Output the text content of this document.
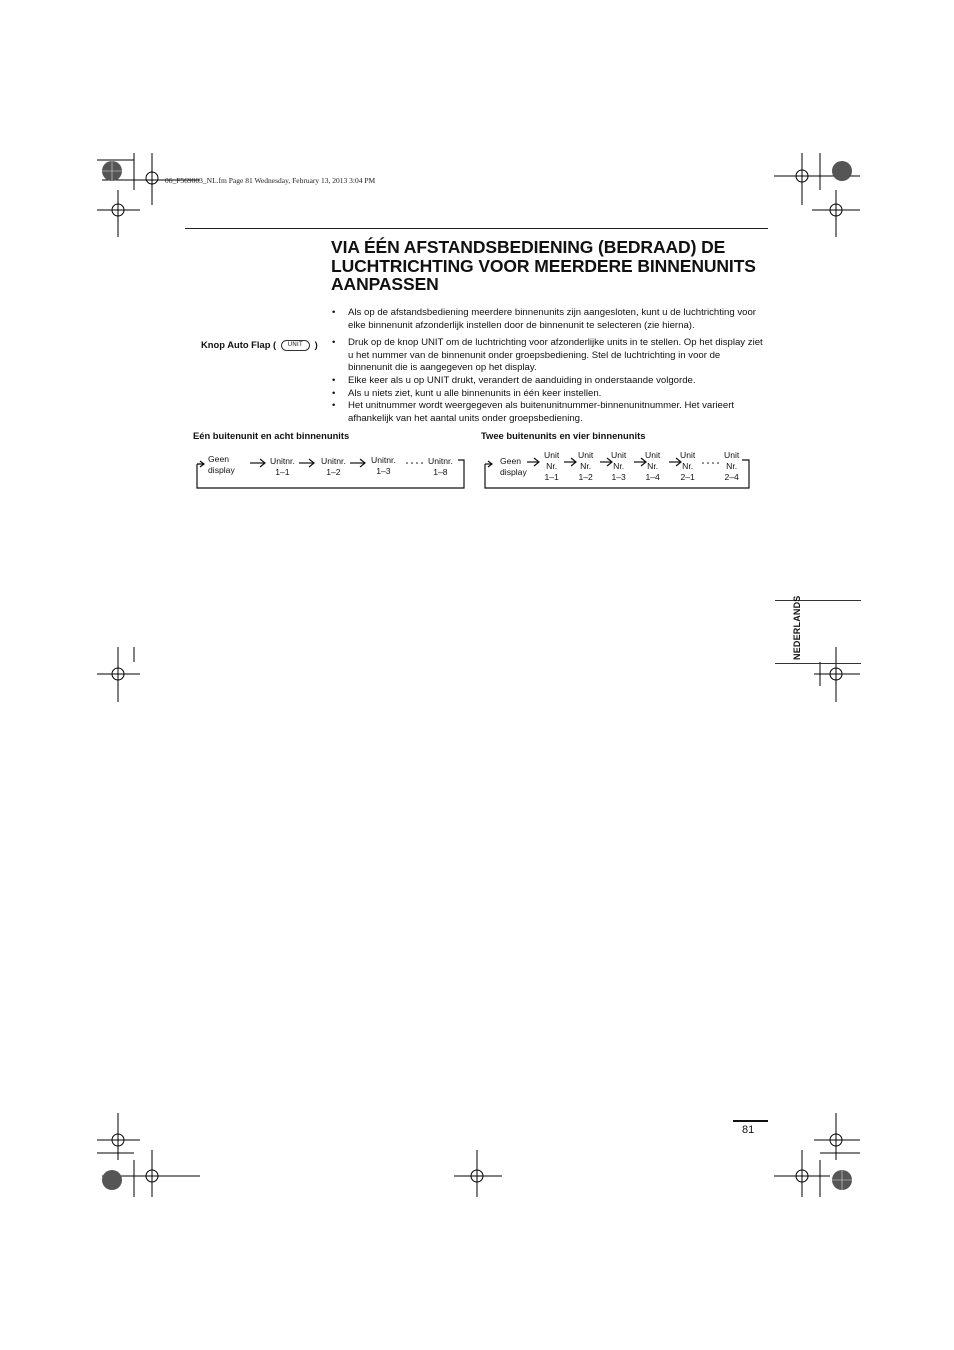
06_F569003_NL.fm Page 81 Wednesday, February 13, 2013 3:04 PM
VIA ÉÉN AFSTANDSBEDIENING (BEDRAAD) DE LUCHTRICHTING VOOR MEERDERE BINNENUNITS AANPASSEN
Knop Auto Flap ( UNIT )
• Als op de afstandsbediening meerdere binnenunits zijn aangesloten, kunt u de luchtrichting voor elke binnenunit afzonderlijk instellen door de binnenunit te selecteren (zie hierna).
• Druk op de knop UNIT om de luchtrichting voor afzonderlijke units in te stellen. Op het display ziet u het nummer van de binnenunit onder groepsbediening. Stel de luchtrichting in voor de binnenunit die is aangegeven op het display.
• Elke keer als u op UNIT drukt, verandert de aanduiding in onderstaande volgorde.
• Als u niets ziet, kunt u alle binnenunits in één keer instellen.
• Het unitnummer wordt weergegeven als buitenunitnummer-binnenunitnummer. Het varieert afhankelijk van het aantal units onder groepsbediening.
Eén buitenunit en acht binnenunits
Geen
display
Unitnr.
1–1
Unitnr.
1–2
Unitnr.
1–3
Unitnr.
1–8
Twee buitenunits en vier binnenunits
Geen
display
Unit
Nr.
1–1
Unit
Nr.
1–2
Unit
Nr.
1–3
Unit
Nr.
1–4
Unit
Nr.
2–1
Unit
Nr.
2–4
NEDERLANDS
81
